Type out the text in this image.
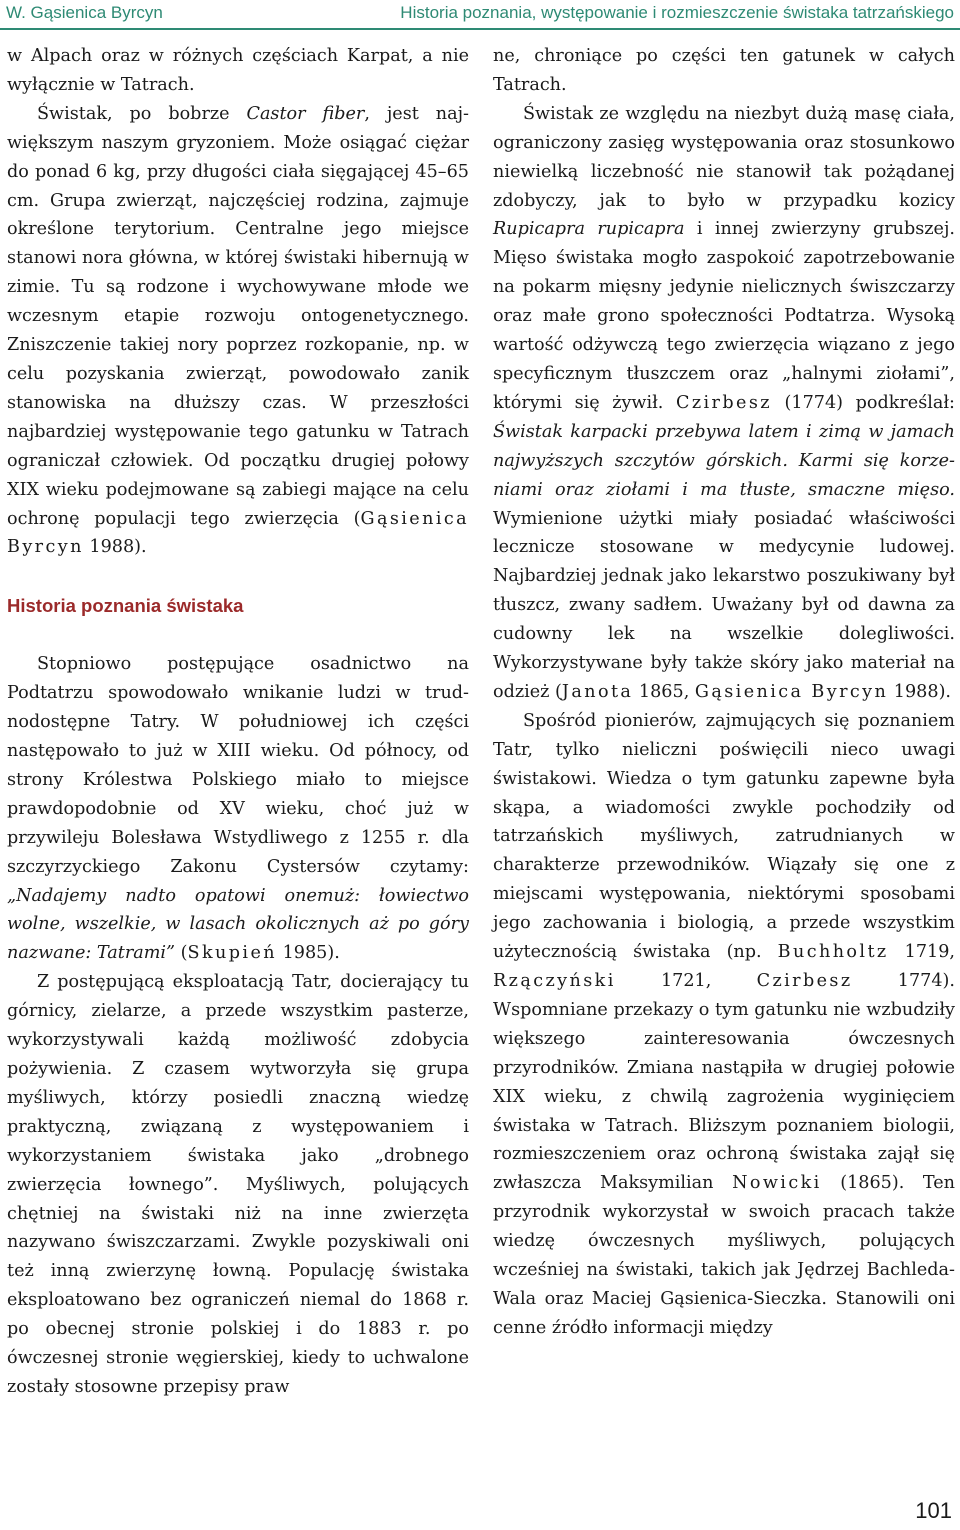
W. Gąsienica Byrcyn	Historia poznania, występowanie i rozmieszczenie świstaka tatrzańskiego

w Alpach oraz w różnych częściach Karpat, a nie wyłącznie w Tatrach.

Świstak, po bobrze Castor fiber, jest największym naszym gryzoniem. Może osiągać ciężar do ponad 6 kg, przy długości ciała sięgającej 45–65 cm. Grupa zwierząt, najczęściej rodzina, zajmuje określone terytorium. Centralne jego miejsce stanowi nora główna, w której świstaki hibernują w zimie. Tu są rodzone i wychowywane młode we wczesnym etapie rozwoju ontogenetycznego. Zniszczenie takiej nory poprzez rozkopanie, np. w celu pozyskania zwierząt, powodowało zanik stanowiska na dłuższy czas. W przeszłości najbardziej występowanie tego gatunku w Tatrach ograniczał człowiek. Od początku drugiej połowy XIX wieku podejmowane są zabiegi mające na celu ochronę populacji tego zwierzęcia (Gąsienica Byrcyn 1988).

Historia poznania świstaka

Stopniowo postępujące osadnictwo na Podtatrzu spowodowało wnikanie ludzi w trudnodostępne Tatry. W południowej ich części następowało to już w XIII wieku. Od północy, od strony Królestwa Polskiego miało to miejsce prawdopodobnie od XV wieku, choć już w przywileju Bolesława Wstydliwego z 1255 r. dla szczyrzyckiego Zakonu Cystersów czytamy: „Nadajemy nadto opatowi onemuż: łowiectwo wolne, wszelkie, w lasach okolicznych aż po góry nazwane: Tatrami” (Skupień 1985).

Z postępującą eksploatacją Tatr, docierający tu górnicy, zielarze, a przede wszystkim pasterze, wykorzystywali każdą możliwość zdobycia pożywienia. Z czasem wytworzyła się grupa myśliwych, którzy posiedli znaczną wiedzę praktyczną, związaną z występowaniem i wykorzystaniem świstaka jako „drobnego zwierzęcia łownego”. Myśliwych, polujących chętniej na świstaki niż na inne zwierzęta nazywano świszczarzami. Zwykle pozyskiwali oni też inną zwierzynę łowną. Populację świstaka eksploatowano bez ograniczeń niemal do 1868 r. po obecnej stronie polskiej i do 1883 r. po ówczesnej stronie węgierskiej, kiedy to uchwalone zostały stosowne przepisy praw

ne, chroniące po części ten gatunek w całych Tatrach.

Świstak ze względu na niezbyt dużą masę ciała, ograniczony zasięg występowania oraz stosunkowo niewielką liczebność nie stanowił tak pożądanej zdobyczy, jak to było w przypadku kozicy Rupicapra rupicapra i innej zwierzyny grubszej. Mięso świstaka mogło zaspokoić zapotrzebowanie na pokarm mięsny jedynie nielicznych świszczarzy oraz małe grono społeczności Podtatrza. Wysoką wartość odżywczą tego zwierzęcia wiązano z jego specyficznym tłuszczem oraz „halnymi ziołami”, którymi się żywił. Czirbesz (1774) podkreślał: Świstak karpacki przebywa latem i zimą w jamach najwyższych szczytów górskich. Karmi się korzeniami oraz ziołami i ma tłuste, smaczne mięso. Wymienione użytki miały posiadać właściwości lecznicze stosowane w medycynie ludowej. Najbardziej jednak jako lekarstwo poszukiwany był tłuszcz, zwany sadłem. Uważany był od dawna za cudowny lek na wszelkie dolegliwości. Wykorzystywane były także skóry jako materiał na odzież (Janota 1865, Gąsienica Byrcyn 1988).

Spośród pionierów, zajmujących się poznaniem Tatr, tylko nieliczni poświęcili nieco uwagi świstakowi. Wiedza o tym gatunku zapewne była skąpa, a wiadomości zwykle pochodziły od tatrzańskich myśliwych, zatrudnianych w charakterze przewodników. Wiązały się one z miejscami występowania, niektórymi sposobami jego zachowania i biologią, a przede wszystkim użytecznością świstaka (np. Buchholtz 1719, Rzączyński 1721, Czirbesz 1774). Wspomniane przekazy o tym gatunku nie wzbudziły większego zainteresowania ówczesnych przyrodników. Zmiana nastąpiła w drugiej połowie XIX wieku, z chwilą zagrożenia wyginięciem świstaka w Tatrach. Bliższym poznaniem biologii, rozmieszczeniem oraz ochroną świstaka zajął się zwłaszcza Maksymilian Nowicki (1865). Ten przyrodnik wykorzystał w swoich pracach także wiedzę ówczesnych myśliwych, polujących wcześniej na świstaki, takich jak Jędrzej Bachleda-Wala oraz Maciej Gąsienica-Sieczka. Stanowili oni cenne źródło informacji między

101
